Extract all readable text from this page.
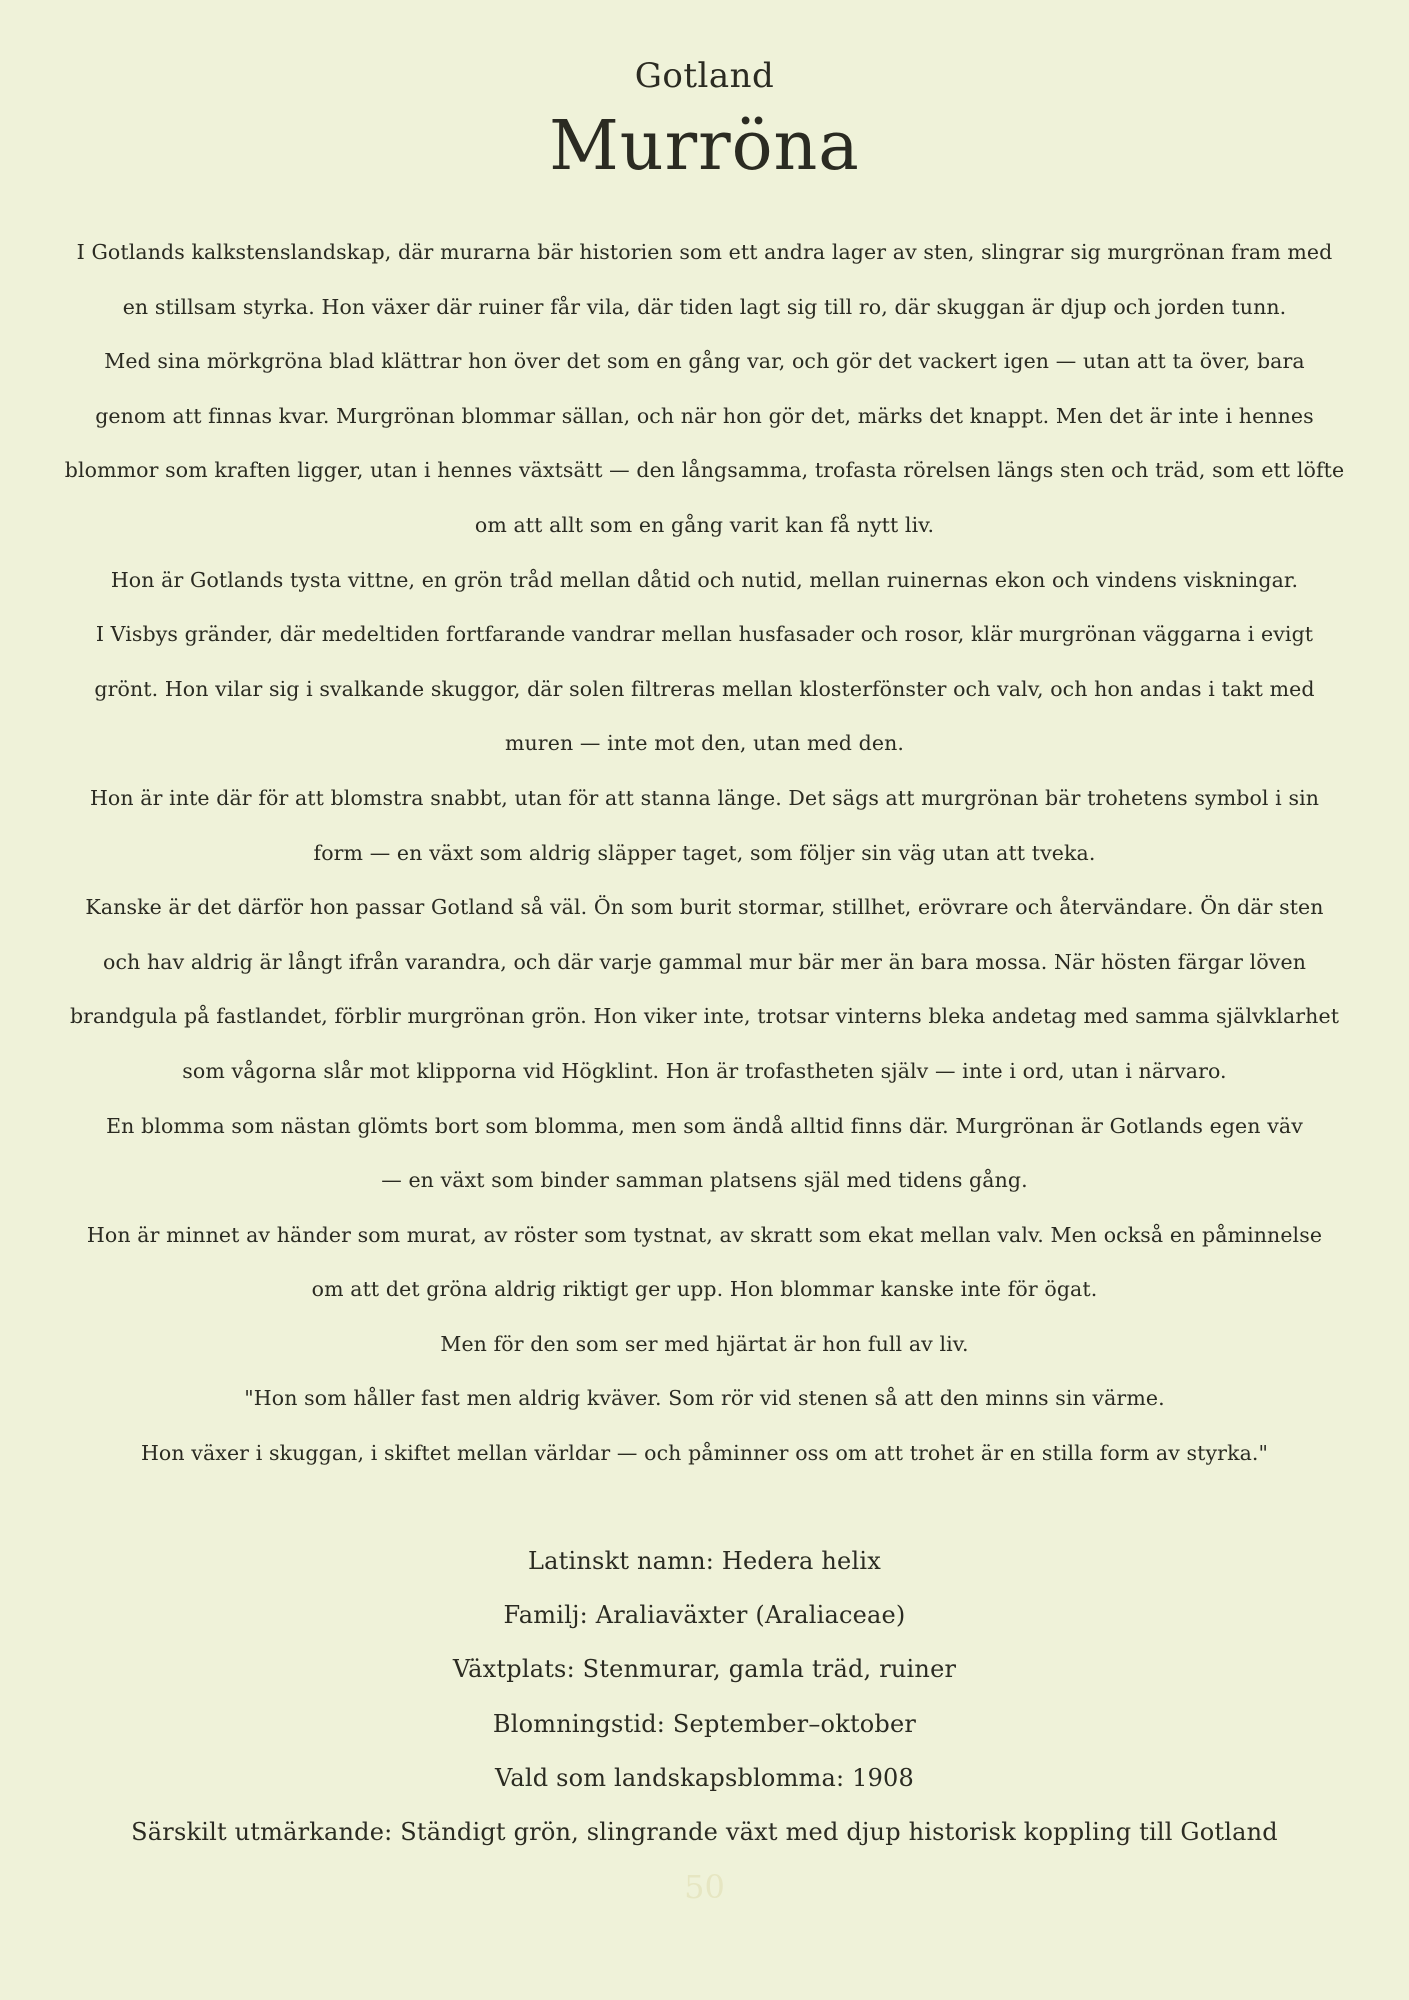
Gotland
Murröna
I Gotlands kalkstenslandskap, där murarna bär historien som ett andra lager av sten, slingrar sig murgrönan fram med
en stillsam styrka. Hon växer där ruiner får vila, där tiden lagt sig till ro, där skuggan är djup och jorden tunn.
Med sina mörkgröna blad klättrar hon över det som en gång var, och gör det vackert igen — utan att ta över, bara
genom att finnas kvar. Murgrönan blommar sällan, och när hon gör det, märks det knappt. Men det är inte i hennes
blommor som kraften ligger, utan i hennes växtsätt — den långsamma, trofasta rörelsen längs sten och träd, som ett löfte
om att allt som en gång varit kan få nytt liv.
Hon är Gotlands tysta vittne, en grön tråd mellan dåtid och nutid, mellan ruinernas ekon och vindens viskningar.
I Visbys gränder, där medeltiden fortfarande vandrar mellan husfasader och rosor, klär murgrönan väggarna i evigt
grönt. Hon vilar sig i svalkande skuggor, där solen filtreras mellan klosterfönster och valv, och hon andas i takt med
muren — inte mot den, utan med den.
Hon är inte där för att blomstra snabbt, utan för att stanna länge. Det sägs att murgrönan bär trohetens symbol i sin
form — en växt som aldrig släpper taget, som följer sin väg utan att tveka.
Kanske är det därför hon passar Gotland så väl. Ön som burit stormar, stillhet, erövrare och återvändare. Ön där sten
och hav aldrig är långt ifrån varandra, och där varje gammal mur bär mer än bara mossa. När hösten färgar löven
brandgula på fastlandet, förblir murgrönan grön. Hon viker inte, trotsar vinterns bleka andetag med samma självklarhet
som vågorna slår mot klipporna vid Högklint. Hon är trofastheten själv — inte i ord, utan i närvaro.
En blomma som nästan glömts bort som blomma, men som ändå alltid finns där. Murgrönan är Gotlands egen väv
— en växt som binder samman platsens själ med tidens gång.
Hon är minnet av händer som murat, av röster som tystnat, av skratt som ekat mellan valv. Men också en påminnelse
om att det gröna aldrig riktigt ger upp. Hon blommar kanske inte för ögat.
Men för den som ser med hjärtat är hon full av liv.
"Hon som håller fast men aldrig kväver. Som rör vid stenen så att den minns sin värme.
Hon växer i skuggan, i skiftet mellan världar — och påminner oss om att trohet är en stilla form av styrka."
Latinskt namn: Hedera helix
Familj: Araliaväxter (Araliaceae)
Växtplats: Stenmurar, gamla träd, ruiner
Blomningstid: September–oktober
Vald som landskapsblomma: 1908
Särskilt utmärkande: Ständigt grön, slingrande växt med djup historisk koppling till Gotland
50
